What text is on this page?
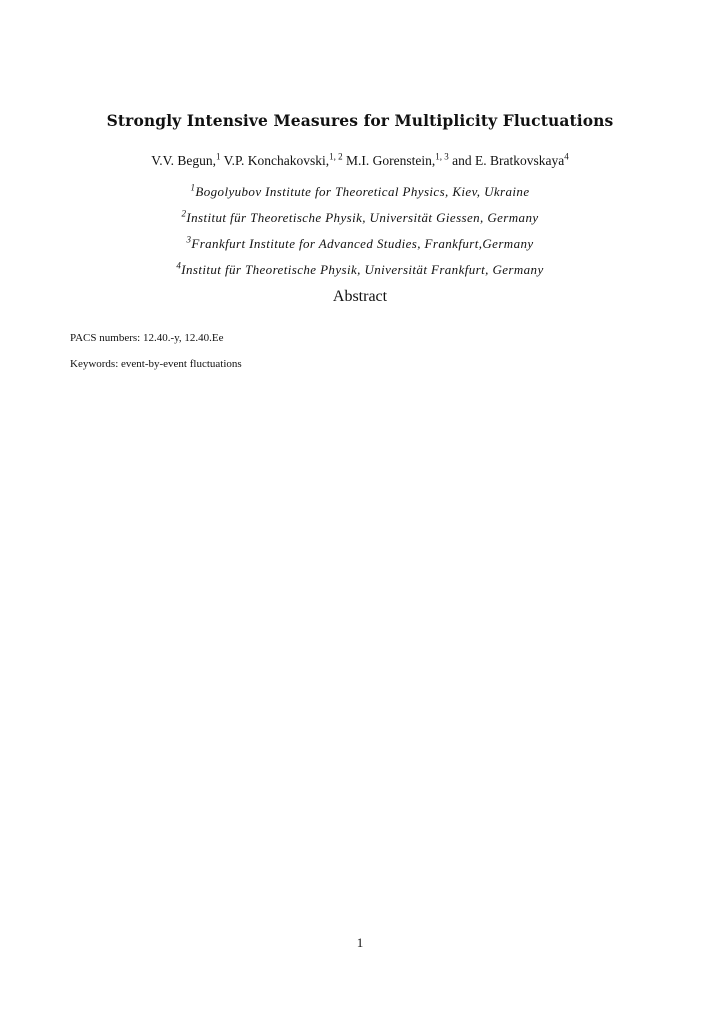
Strongly Intensive Measures for Multiplicity Fluctuations
V.V. Begun,$^1$ V.P. Konchakovski,$^{1, 2}$ M.I. Gorenstein,$^{1, 3}$ and E. Bratkovskaya$^4$
$^1$Bogolyubov Institute for Theoretical Physics, Kiev, Ukraine
$^2$Institut für Theoretische Physik, Universität Giessen, Germany
$^3$Frankfurt Institute for Advanced Studies, Frankfurt,Germany
$^4$Institut für Theoretische Physik, Universität Frankfurt, Germany
Abstract
PACS numbers: 12.40.-y, 12.40.Ee
Keywords: event-by-event fluctuations
1
